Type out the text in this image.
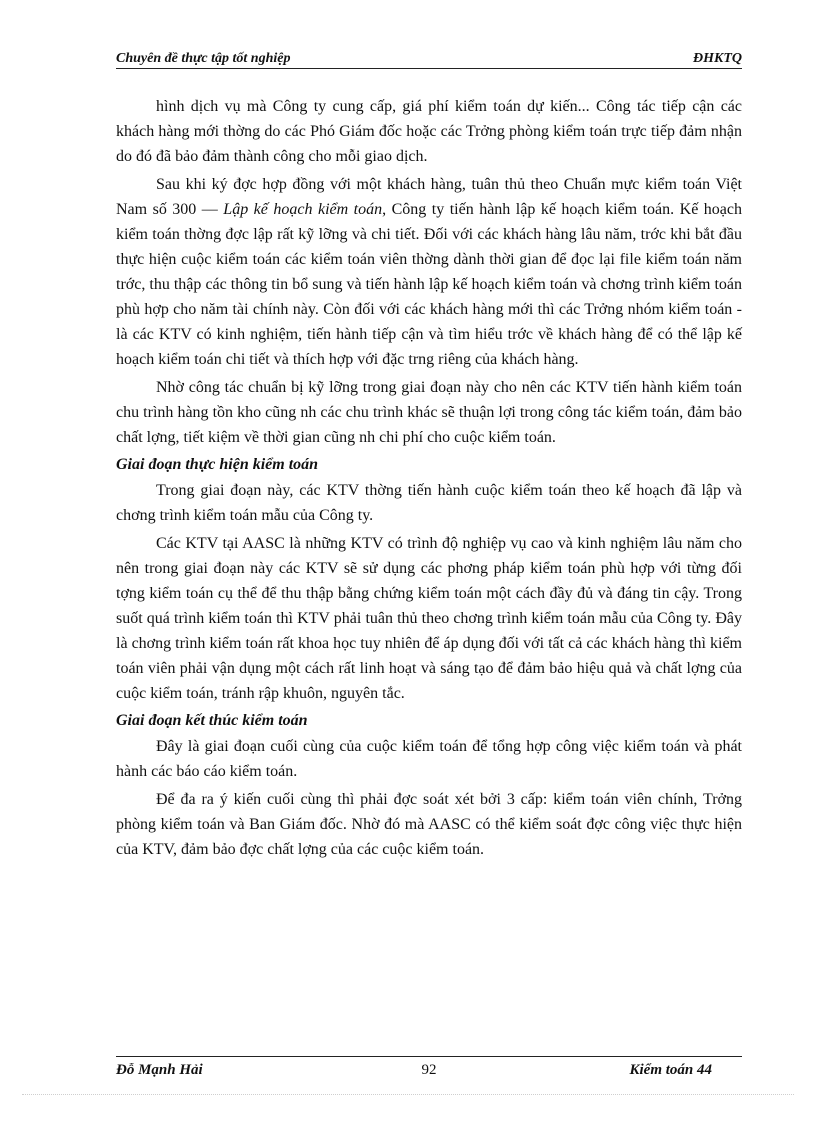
Chuyên đề thực tập tốt nghiệp	ĐHKTQ

hình dịch vụ mà Công ty cung cấp, giá phí kiểm toán dự kiến... Công tác tiếp cận các khách hàng mới thờng do các Phó Giám đốc hoặc các Trởng phòng kiểm toán trực tiếp đảm nhận do đó đã bảo đảm thành công cho mỗi giao dịch.

Sau khi ký đợc hợp đồng với một khách hàng, tuân thủ theo Chuẩn mực kiểm toán Việt Nam số 300 — Lập kế hoạch kiểm toán, Công ty tiến hành lập kế hoạch kiểm toán. Kế hoạch kiểm toán thờng đợc lập rất kỹ lỡng và chi tiết. Đối với các khách hàng lâu năm, trớc khi bắt đầu thực hiện cuộc kiểm toán các kiểm toán viên thờng dành thời gian để đọc lại file kiểm toán năm trớc, thu thập các thông tin bổ sung và tiến hành lập kế hoạch kiểm toán và chơng trình kiểm toán phù hợp cho năm tài chính này. Còn đối với các khách hàng mới thì các Trởng nhóm kiểm toán - là các KTV có kinh nghiệm, tiến hành tiếp cận và tìm hiểu trớc về khách hàng để có thể lập kế hoạch kiểm toán chi tiết và thích hợp với đặc trng riêng của khách hàng.

Nhờ công tác chuẩn bị kỹ lỡng trong giai đoạn này cho nên các KTV tiến hành kiểm toán chu trình hàng tồn kho cũng nh các chu trình khác sẽ thuận lợi trong công tác kiểm toán, đảm bảo chất lợng, tiết kiệm về thời gian cũng nh chi phí cho cuộc kiểm toán.

Giai đoạn thực hiện kiểm toán

Trong giai đoạn này, các KTV thờng tiến hành cuộc kiểm toán theo kế hoạch đã lập và chơng trình kiểm toán mẫu của Công ty.

Các KTV tại AASC là những KTV có trình độ nghiệp vụ cao và kinh nghiệm lâu năm cho nên trong giai đoạn này các KTV sẽ sử dụng các phơng pháp kiểm toán phù hợp với từng đối tợng kiểm toán cụ thể để thu thập bằng chứng kiểm toán một cách đầy đủ và đáng tin cậy. Trong suốt quá trình kiểm toán thì KTV phải tuân thủ theo chơng trình kiểm toán mẫu của Công ty. Đây là chơng trình kiểm toán rất khoa học tuy nhiên để áp dụng đối với tất cả các khách hàng thì kiểm toán viên phải vận dụng một cách rất linh hoạt và sáng tạo để đảm bảo hiệu quả và chất lợng của cuộc kiểm toán, tránh rập khuôn, nguyên tắc.

Giai đoạn kết thúc kiểm toán

Đây là giai đoạn cuối cùng của cuộc kiểm toán để tổng hợp công việc kiểm toán và phát hành các báo cáo kiểm toán.

Để đa ra ý kiến cuối cùng thì phải đợc soát xét bởi 3 cấp: kiểm toán viên chính, Trởng phòng kiểm toán và Ban Giám đốc. Nhờ đó mà AASC có thể kiểm soát đợc công việc thực hiện của KTV, đảm bảo đợc chất lợng của các cuộc kiểm toán.

Đỗ Mạnh Hải	92	Kiểm toán 44
